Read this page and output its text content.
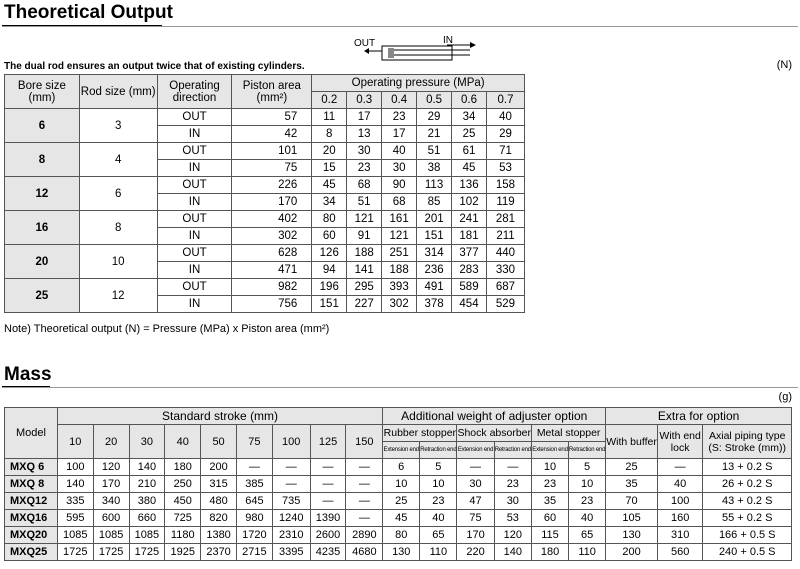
Theoretical Output
The dual rod ensures an output twice that of existing cylinders.	(N)
OUT	IN
Bore size (mm)	Rod size (mm)	Operating direction	Piston area (mm²)	Operating pressure (MPa)					
				0.2	0.3	0.4	0.5	0.6	0.7
6	3	OUT	57	11	17	23	29	34	40
		IN	42	8	13	17	21	25	29
8	4	OUT	101	20	30	40	51	61	71
		IN	75	15	23	30	38	45	53
12	6	OUT	226	45	68	90	113	136	158
		IN	170	34	51	68	85	102	119
16	8	OUT	402	80	121	161	201	241	281
		IN	302	60	91	121	151	181	211
20	10	OUT	628	126	188	251	314	377	440
		IN	471	94	141	188	236	283	330
25	12	OUT	982	196	295	393	491	589	687
		IN	756	151	227	302	378	454	529
Note) Theoretical output (N) = Pressure (MPa) x Piston area (mm²)
Mass
(g)
Model	Standard stroke (mm)									Additional weight of adjuster option						Extra for option		
	10	20	30	40	50	75	100	125	150	Rubber stopper		Shock absorber		Metal stopper		With buffer	With end lock	Axial piping type (S: Stroke (mm))
										Extension end	Retraction end	Extension end	Retraction end	Extension end	Retraction end			
MXQ 6	100	120	140	180	200	—	—	—	—	6	5	—	—	10	5	25	—	13 + 0.2 S
MXQ 8	140	170	210	250	315	385	—	—	—	10	10	30	23	23	10	35	40	26 + 0.2 S
MXQ12	335	340	380	450	480	645	735	—	—	25	23	47	30	35	23	70	100	43 + 0.2 S
MXQ16	595	600	660	725	820	980	1240	1390	—	45	40	75	53	60	40	105	160	55 + 0.2 S
MXQ20	1085	1085	1085	1180	1380	1720	2310	2600	2890	80	65	170	120	115	65	130	310	166 + 0.5 S
MXQ25	1725	1725	1725	1925	2370	2715	3395	4235	4680	130	110	220	140	180	110	200	560	240 + 0.5 S
